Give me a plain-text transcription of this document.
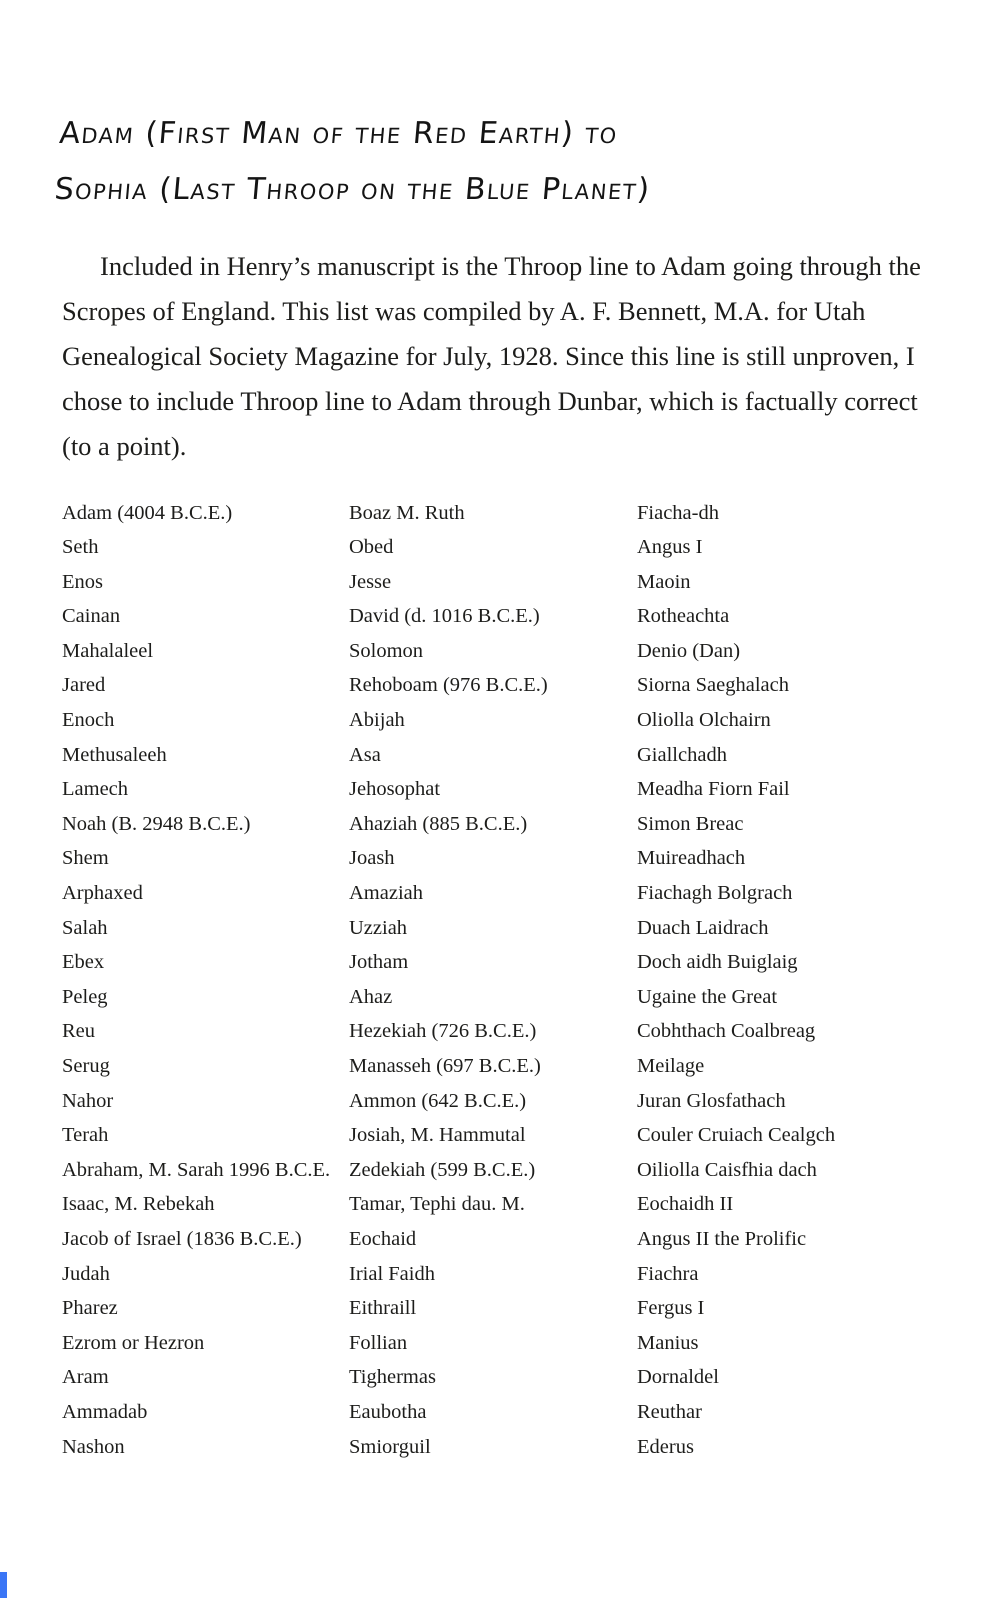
Adam (First Man of the Red Earth) to
Sophia (Last Throop on the Blue Planet)

Included in Henry’s manuscript is the Throop line to Adam going through the Scropes of England. This list was compiled by A. F. Bennett, M.A. for Utah Genealogical Society Magazine for July, 1928. Since this line is still unproven, I chose to include Throop line to Adam through Dunbar, which is factually correct (to a point).

Adam (4004 B.C.E.)
Seth
Enos
Cainan
Mahalaleel
Jared
Enoch
Methusaleeh
Lamech
Noah (B. 2948 B.C.E.)
Shem
Arphaxed
Salah
Ebex
Peleg
Reu
Serug
Nahor
Terah
Abraham, M. Sarah 1996 B.C.E.
Isaac, M. Rebekah
Jacob of Israel (1836 B.C.E.)
Judah
Pharez
Ezrom or Hezron
Aram
Ammadab
Nashon
Boaz M. Ruth
Obed
Jesse
David (d. 1016 B.C.E.)
Solomon
Rehoboam (976 B.C.E.)
Abijah
Asa
Jehosophat
Ahaziah (885 B.C.E.)
Joash
Amaziah
Uzziah
Jotham
Ahaz
Hezekiah (726 B.C.E.)
Manasseh (697 B.C.E.)
Ammon (642 B.C.E.)
Josiah, M. Hammutal
Zedekiah (599 B.C.E.)
Tamar, Tephi dau. M.
Eochaid
Irial Faidh
Eithraill
Follian
Tighermas
Eaubotha
Smiorguil
Fiacha-dh
Angus I
Maoin
Rotheachta
Denio (Dan)
Siorna Saeghalach
Oliolla Olchairn
Giallchadh
Meadha Fiorn Fail
Simon Breac
Muireadhach
Fiachagh Bolgrach
Duach Laidrach
Doch aidh Buiglaig
Ugaine the Great
Cobhthach Coalbreag
Meilage
Juran Glosfathach
Couler Cruiach Cealgch
Oiliolla Caisfhia dach
Eochaidh II
Angus II the Prolific
Fiachra
Fergus I
Manius
Dornaldel
Reuthar
Ederus
